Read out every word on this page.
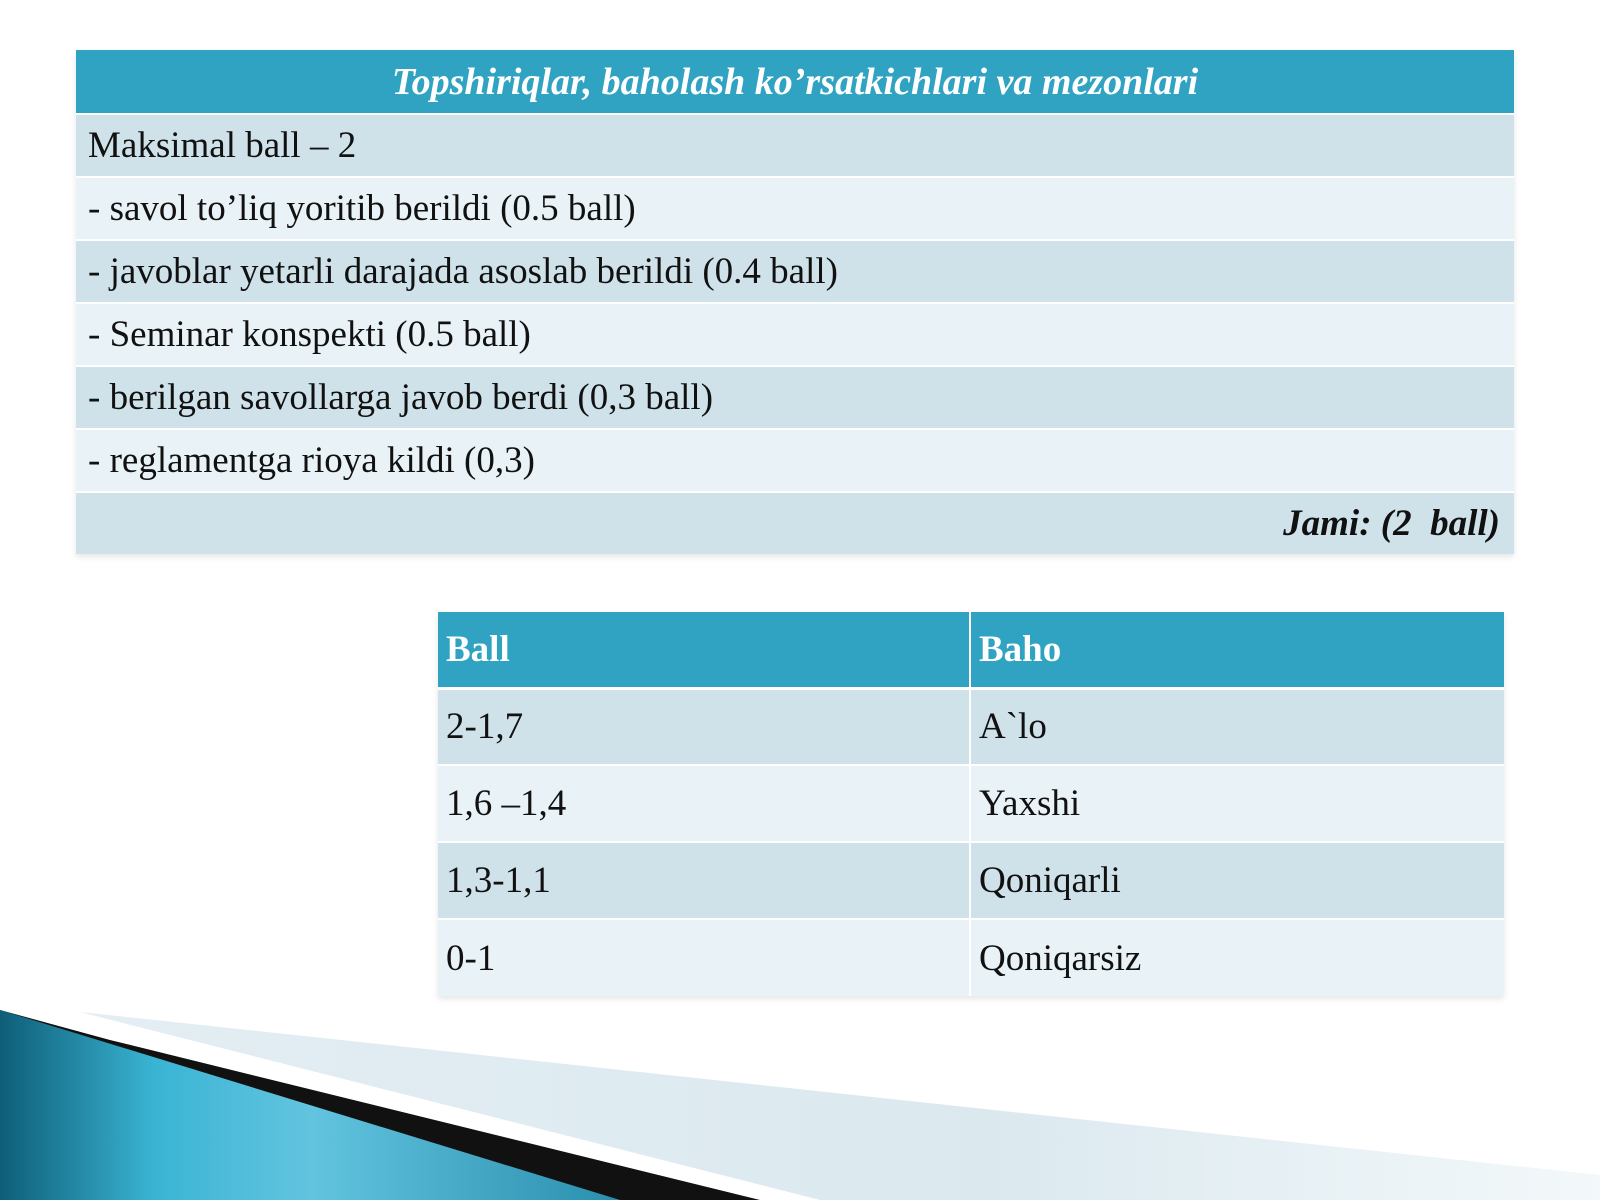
Topshiriqlar, baholash ko’rsatkichlari va mezonlari
Maksimal ball – 2
- savol to’liq yoritib berildi (0.5 ball)
- javoblar yetarli darajada asoslab berildi (0.4 ball)
- Seminar konspekti (0.5 ball)
- berilgan savollarga javob berdi (0,3 ball)
- reglamentga rioya kildi (0,3)
Jami: (2  ball)
Ball	Baho
2-1,7	A`lo
1,6 –1,4	Yaxshi
1,3-1,1	Qoniqarli
0-1	Qoniqarsiz
